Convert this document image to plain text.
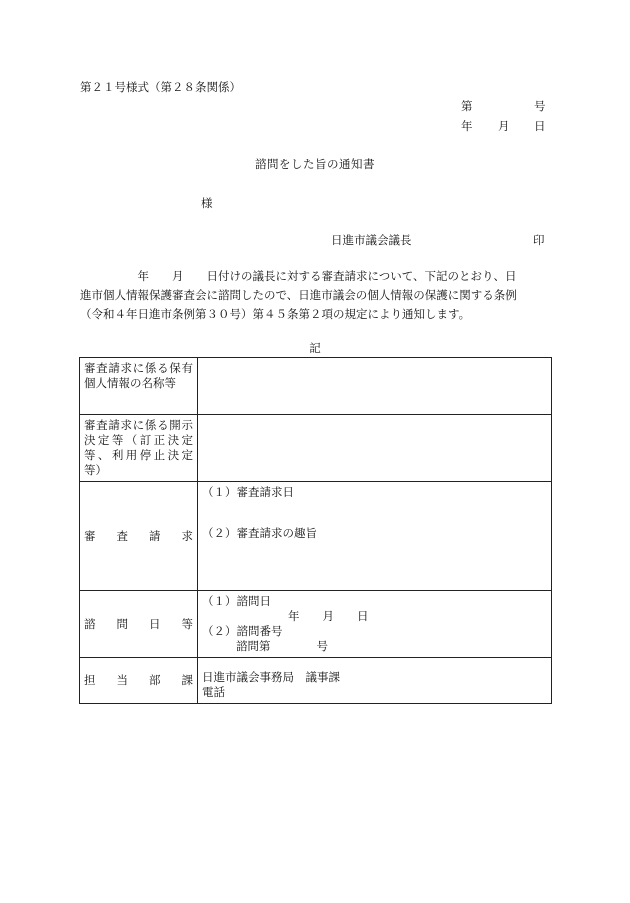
第２１号様式（第２８条関係）
第	号
年 月 日
諮問をした旨の通知書
様
日進市議会議長	印
　　　　　年　　月　　日付けの議長に対する審査請求について、下記のとおり、日
進市個人情報保護審査会に諮問したので、日進市議会の個人情報の保護に関する条例
（令和４年日進市条例第３０号）第４５条第２項の規定により通知します。
記
審査請求に係る保有個人情報の名称等	
審査請求に係る開示決定等（訂正決定等、利用停止決定等）	
審査請求	（１）審査請求日
（２）審査請求の趣旨

諮問日等	（１）諮問日
年　　月　　日
（２）諮問番号
諮問第　　　　号

担当部課	日進市議会事務局　議事課
電話
